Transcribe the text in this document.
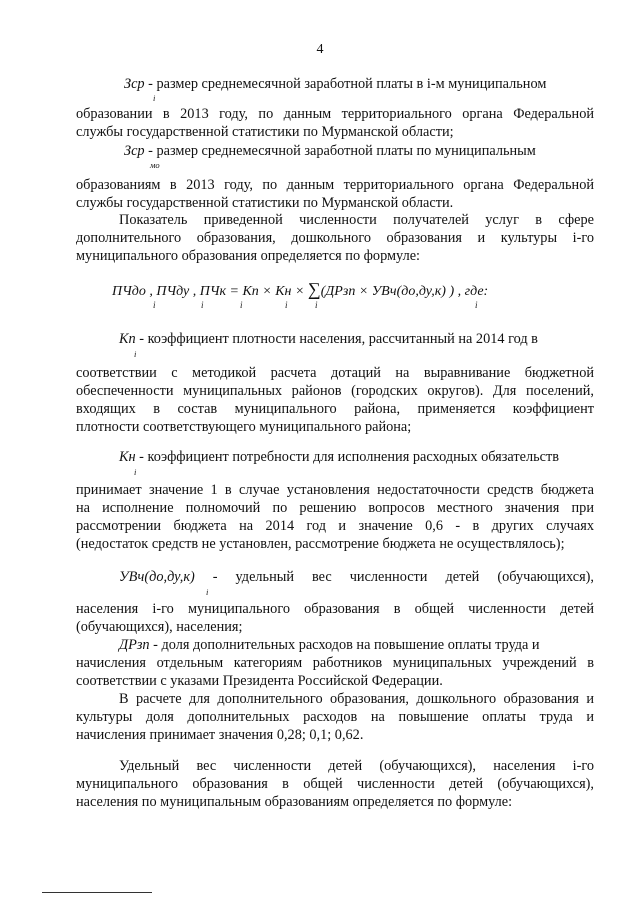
4
Зср - размер среднемесячной заработной платы в i-м муниципальном
i
образовании в 2013 году, по данным территориального органа Федеральной
службы государственной статистики по Мурманской области;
Зср - размер среднемесячной заработной платы по муниципальным
мо
образованиям в 2013 году, по данным территориального органа Федеральной
службы государственной статистики по Мурманской области.
Показатель приведенной численности получателей услуг в сфере
дополнительного образования, дошкольного образования и культуры i-го
муниципального образования определяется по формуле:
ПЧдо , ПЧду , ПЧк = Кп × Кн × ∑(ДРзп × УВч(до,ду,к) ) , где:
i	i	i	i	i	i
Кп - коэффициент плотности населения, рассчитанный на 2014 год в
i
соответствии с методикой расчета дотаций на выравнивание бюджетной
обеспеченности муниципальных районов (городских округов). Для поселений,
входящих в состав муниципального района, применяется коэффициент
плотности соответствующего муниципального района;
Кн - коэффициент потребности для исполнения расходных обязательств
i
принимает значение 1 в случае установления недостаточности средств бюджета
на исполнение полномочий по решению вопросов местного значения при
рассмотрении бюджета на 2014 год и значение 0,6 - в других случаях
(недостаток средств не установлен, рассмотрение бюджета не осуществлялось);
УВч(до,ду,к) - удельный вес численности детей (обучающихся),
i
населения i-го муниципального образования в общей численности детей
(обучающихся), населения;
ДРзп - доля дополнительных расходов на повышение оплаты труда и
начисления отдельным категориям работников муниципальных учреждений в
соответствии с указами Президента Российской Федерации.
В расчете для дополнительного образования, дошкольного образования и
культуры доля дополнительных расходов на повышение оплаты труда и
начисления принимает значения 0,28; 0,1; 0,62.
Удельный вес численности детей (обучающихся), населения i-го
муниципального образования в общей численности детей (обучающихся),
населения по муниципальным образованиям определяется по формуле:
